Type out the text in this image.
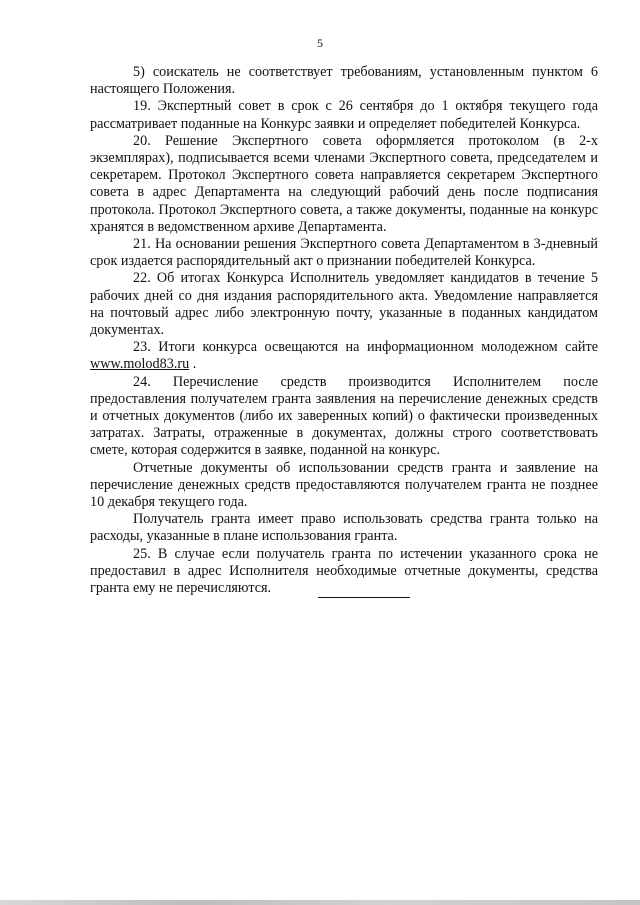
5

5) соискатель не соответствует требованиям, установленным пунктом 6 настоящего Положения.

19. Экспертный совет в срок с 26 сентября до 1 октября текущего года рассматривает поданные на Конкурс заявки и определяет победителей Конкурса.

20. Решение Экспертного совета оформляется протоколом (в 2-х экземплярах), подписывается всеми членами Экспертного совета, председателем и секретарем. Протокол Экспертного совета направляется секретарем Экспертного совета в адрес Департамента на следующий рабочий день после подписания протокола. Протокол Экспертного совета, а также документы, поданные на конкурс хранятся в ведомственном архиве Департамента.

21. На основании решения Экспертного совета Департаментом в 3-дневный срок издается распорядительный акт о признании победителей Конкурса.

22. Об итогах Конкурса Исполнитель уведомляет кандидатов в течение 5 рабочих дней со дня издания распорядительного акта. Уведомление направляется на почтовый адрес либо электронную почту, указанные в поданных кандидатом документах.

23. Итоги конкурса освещаются на информационном молодежном сайте www.molod83.ru .

24. Перечисление средств производится Исполнителем после предоставления получателем гранта заявления на перечисление денежных средств и отчетных документов (либо их заверенных копий) о фактически произведенных затратах. Затраты, отраженные в документах, должны строго соответствовать смете, которая содержится в заявке, поданной на конкурс.

Отчетные документы об использовании средств гранта и заявление на перечисление денежных средств предоставляются получателем гранта не позднее 10 декабря текущего года.

Получатель гранта имеет право использовать средства гранта только на расходы, указанные в плане использования гранта.

25. В случае если получатель гранта по истечении указанного срока не предоставил в адрес Исполнителя необходимые отчетные документы, средства гранта ему не перечисляются.
